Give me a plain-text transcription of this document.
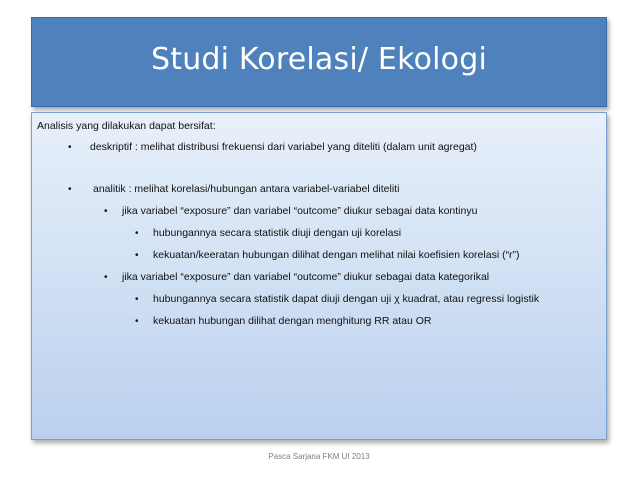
Studi Korelasi/ Ekologi
Analisis yang dilakukan dapat bersifat:
• deskriptif : melihat distribusi frekuensi dari variabel yang diteliti (dalam unit agregat)
• analitik : melihat korelasi/hubungan antara variabel-variabel diteliti
• jika variabel “exposure” dan variabel “outcome” diukur sebagai data kontinyu
• hubungannya secara statistik diuji dengan uji korelasi
• kekuatan/keeratan hubungan dilihat dengan melihat nilai koefisien korelasi (“r”)
• jika variabel “exposure” dan variabel “outcome” diukur sebagai data kategorikal
• hubungannya secara statistik dapat diuji dengan uji χ kuadrat, atau regressi logistik
• kekuatan hubungan dilihat dengan menghitung RR atau OR
Pasca Sarjana FKM UI 2013
